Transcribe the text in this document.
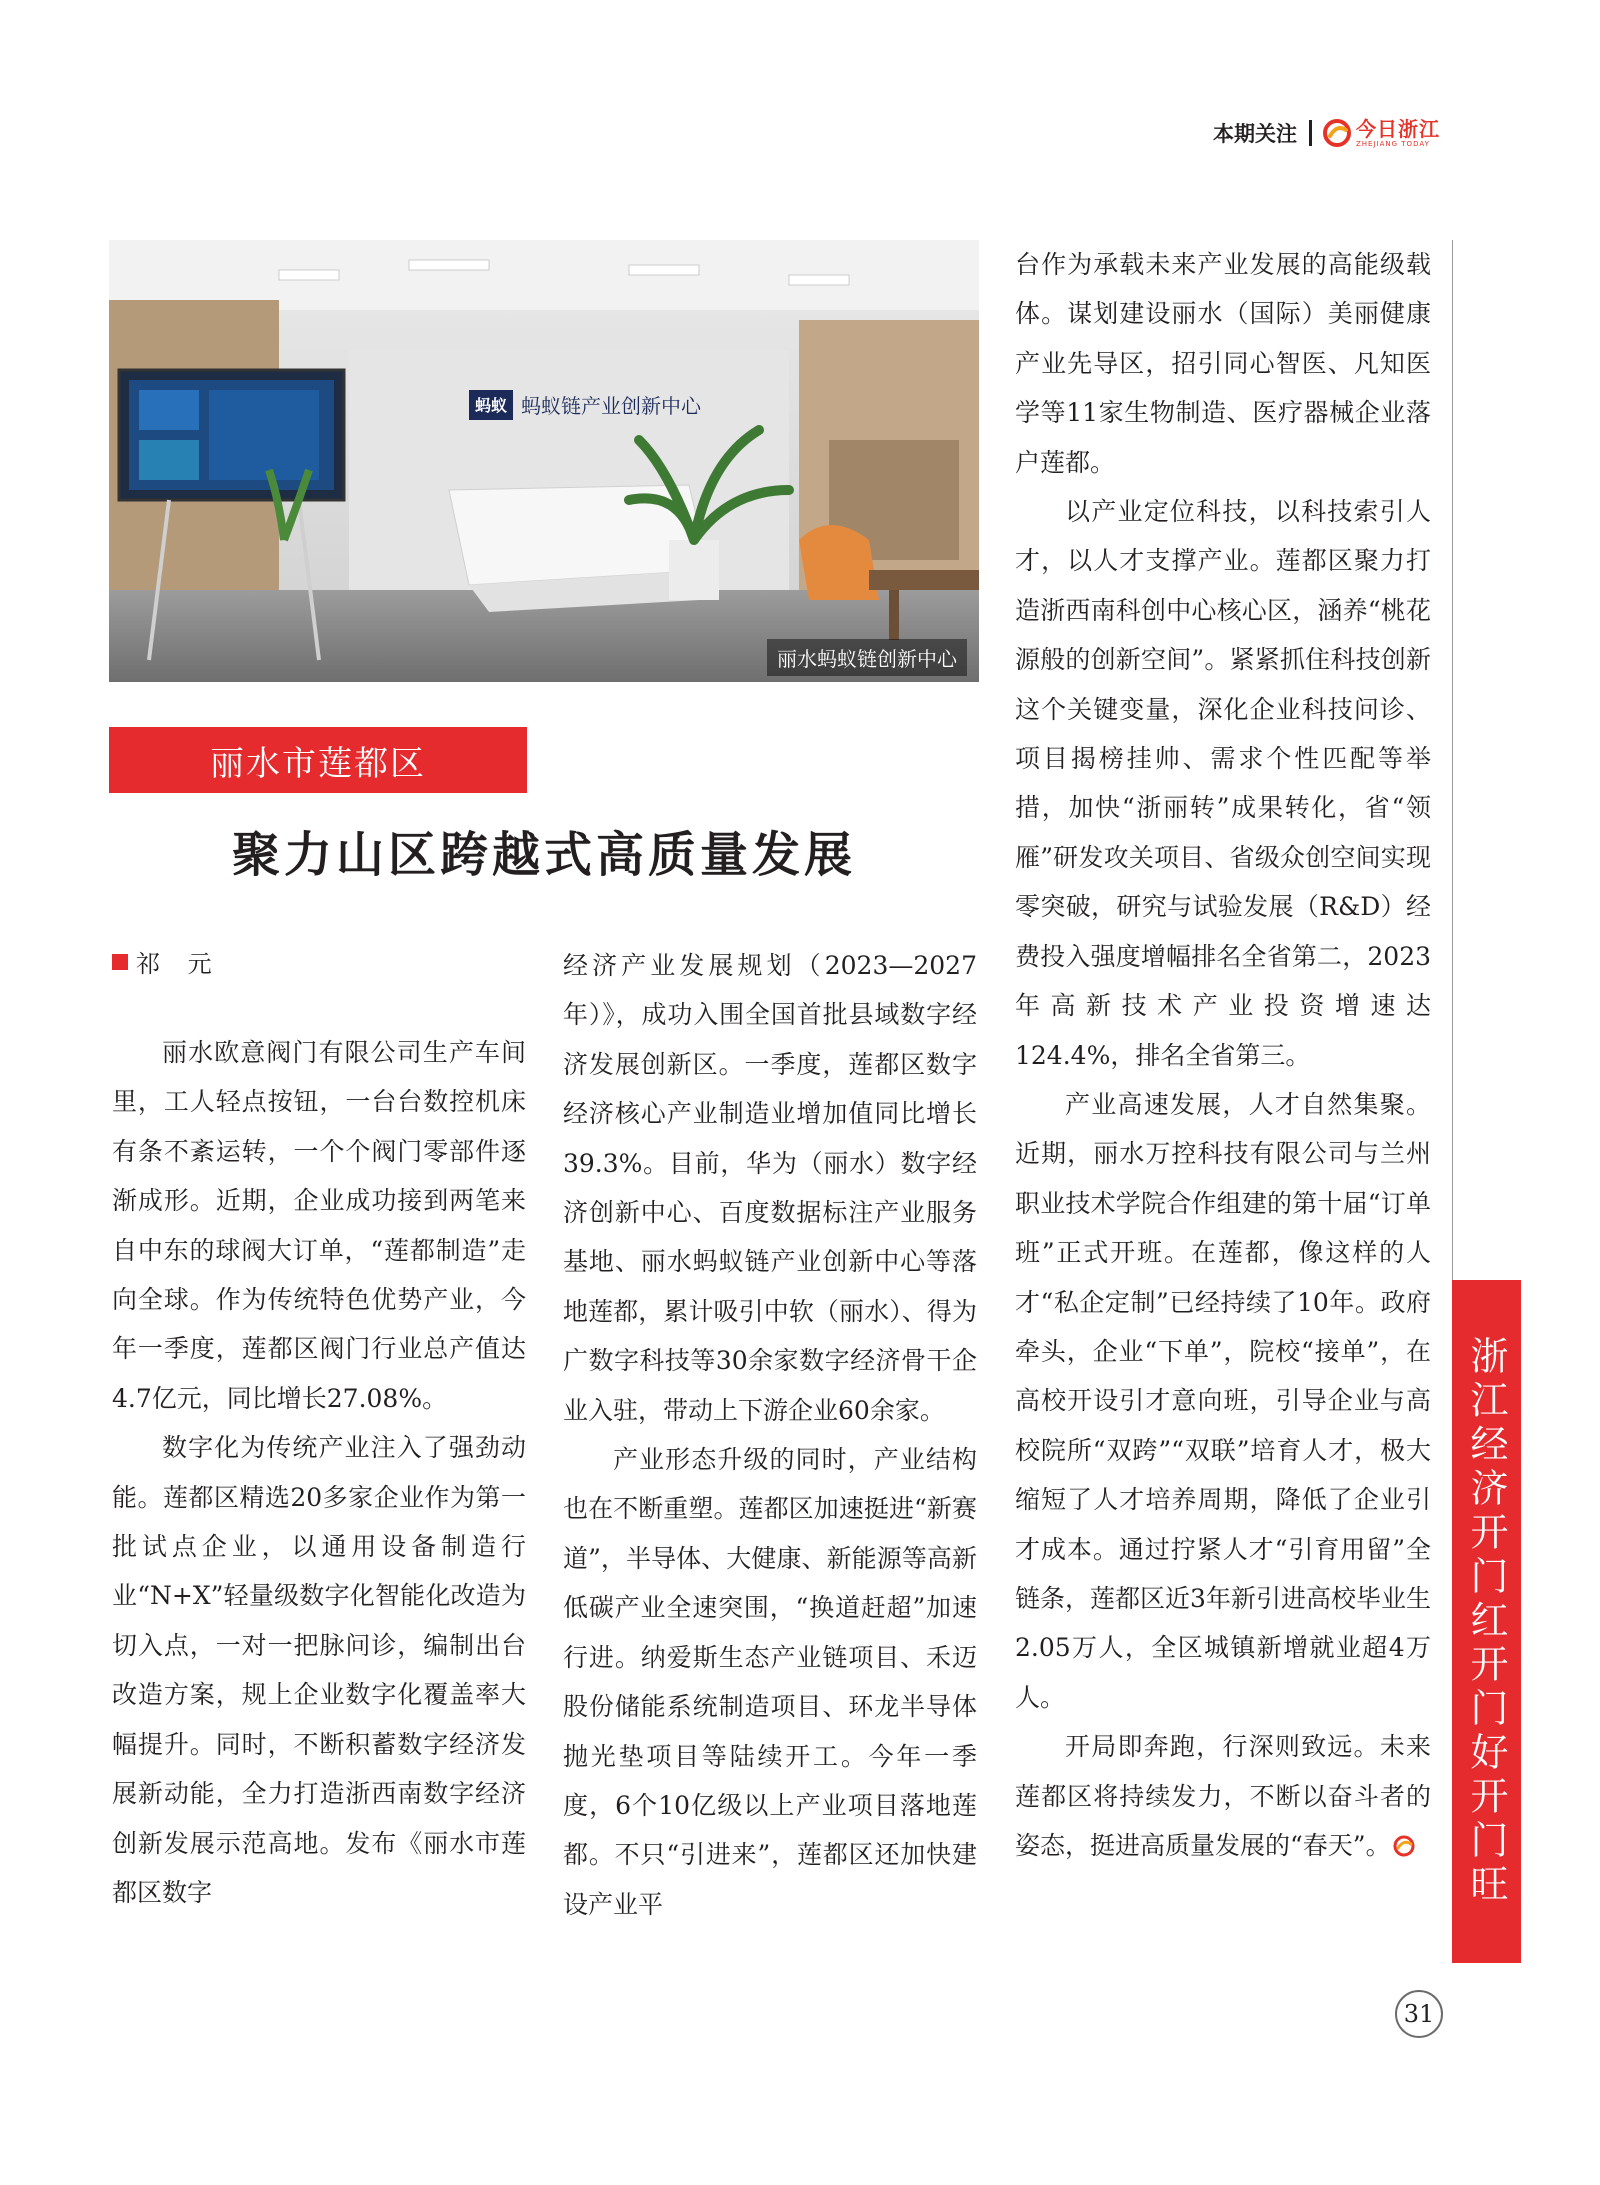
本期关注	今日浙江
ZHEJIANG TODAY
蚂蚁 蚂蚁链产业创新中心
丽水蚂蚁链创新中心
丽水市莲都区
聚力山区跨越式高质量发展
祁 元

丽水欧意阀门有限公司生产车间里，工人轻点按钮，一台台数控机床有条不紊运转，一个个阀门零部件逐渐成形。近期，企业成功接到两笔来自中东的球阀大订单，“莲都制造”走向全球。作为传统特色优势产业，今年一季度，莲都区阀门行业总产值达4.7亿元，同比增长27.08%。

数字化为传统产业注入了强劲动能。莲都区精选20多家企业作为第一批试点企业，以通用设备制造行业“N+X”轻量级数字化智能化改造为切入点，一对一把脉问诊，编制出台改造方案，规上企业数字化覆盖率大幅提升。同时，不断积蓄数字经济发展新动能，全力打造浙西南数字经济创新发展示范高地。发布《丽水市莲都区数字

经济产业发展规划（2023—2027年）》，成功入围全国首批县域数字经济发展创新区。一季度，莲都区数字经济核心产业制造业增加值同比增长39.3%。目前，华为（丽水）数字经济创新中心、百度数据标注产业服务基地、丽水蚂蚁链产业创新中心等落地莲都，累计吸引中软（丽水）、得为广数字科技等30余家数字经济骨干企业入驻，带动上下游企业60余家。

产业形态升级的同时，产业结构也在不断重塑。莲都区加速挺进“新赛道”，半导体、大健康、新能源等高新低碳产业全速突围，“换道赶超”加速行进。纳爱斯生态产业链项目、禾迈股份储能系统制造项目、环龙半导体抛光垫项目等陆续开工。今年一季度，6个10亿级以上产业项目落地莲都。不只“引进来”，莲都区还加快建设产业平

台作为承载未来产业发展的高能级载体。谋划建设丽水（国际）美丽健康产业先导区，招引同心智医、凡知医学等11家生物制造、医疗器械企业落户莲都。

以产业定位科技，以科技索引人才，以人才支撑产业。莲都区聚力打造浙西南科创中心核心区，涵养“桃花源般的创新空间”。紧紧抓住科技创新这个关键变量，深化企业科技问诊、项目揭榜挂帅、需求个性匹配等举措，加快“浙丽转”成果转化，省“领雁”研发攻关项目、省级众创空间实现零突破，研究与试验发展（R&D）经费投入强度增幅排名全省第二，2023年高新技术产业投资增速达124.4%，排名全省第三。

产业高速发展，人才自然集聚。近期，丽水万控科技有限公司与兰州职业技术学院合作组建的第十届“订单班”正式开班。在莲都，像这样的人才“私企定制”已经持续了10年。政府牵头，企业“下单”，院校“接单”，在高校开设引才意向班，引导企业与高校院所“双跨”“双联”培育人才，极大缩短了人才培养周期，降低了企业引才成本。通过拧紧人才“引育用留”全链条，莲都区近3年新引进高校毕业生2.05万人，全区城镇新增就业超4万人。

开局即奔跑，行深则致远。未来莲都区将持续发力，不断以奋斗者的姿态，挺进高质量发展的“春天”。	浙江经济开门红开门好开门旺
31
